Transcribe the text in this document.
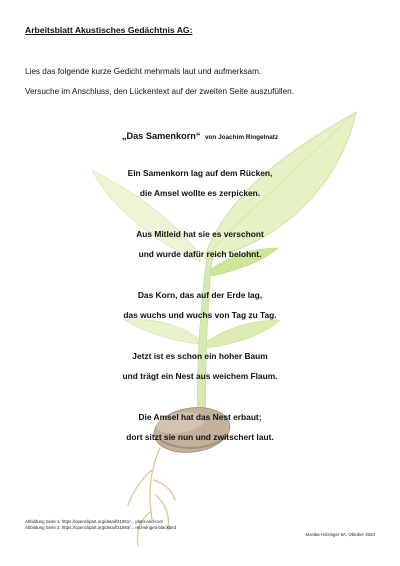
Arbeitsblatt Akustisches Gedächtnis AG:
Lies das folgende kurze Gedicht mehrmals laut und aufmerksam.
Versuche im Anschluss, den Lückentext auf der zweiten Seite auszufüllen.
„Das Samenkorn“ von Joachim Ringelnatz
Ein Samenkorn lag auf dem Rücken,
die Amsel wollte es zerpicken.
Aus Mitleid hat sie es verschont
und wurde dafür reich belohnt.
Das Korn, das auf der Erde lag,
das wuchs und wuchs von Tag zu Tag.
Jetzt ist es schon ein hoher Baum
und trägt ein Nest aus weichem Flaum.
Die Amsel hat das Nest erbaut;
dort sitzt sie nun und zwitschert laut.
Abbildung Seite 1: https://openclipart.org/detail/31851/... plant-and-root
Abbildung Seite 2: https://openclipart.org/detail/31593/... red-winged-blackbird
Monika Holzinger 8A, Oktober 2024
